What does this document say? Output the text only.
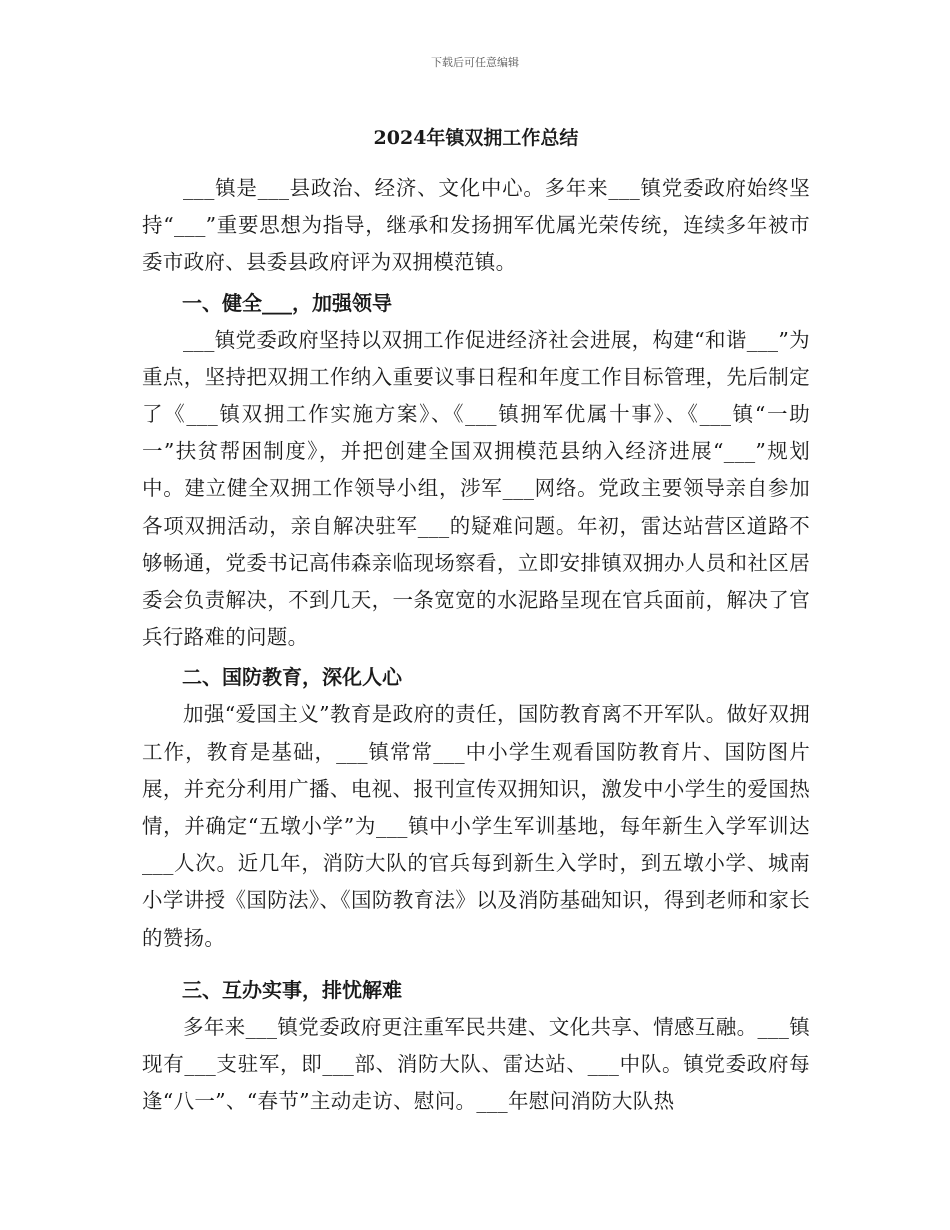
下载后可任意编辑
2024年镇双拥工作总结

___镇是___县政治、经济、文化中心。多年来___镇党委政府始终坚持“___”重要思想为指导，继承和发扬拥军优属光荣传统，连续多年被市委市政府、县委县政府评为双拥模范镇。

一、健全___，加强领导

___镇党委政府坚持以双拥工作促进经济社会进展，构建“和谐___”为重点，坚持把双拥工作纳入重要议事日程和年度工作目标管理，先后制定了《___镇双拥工作实施方案》、《___镇拥军优属十事》、《___镇“一助一”扶贫帮困制度》，并把创建全国双拥模范县纳入经济进展“___”规划中。建立健全双拥工作领导小组，涉军___网络。党政主要领导亲自参加各项双拥活动，亲自解决驻军___的疑难问题。年初，雷达站营区道路不够畅通，党委书记高伟森亲临现场察看，立即安排镇双拥办人员和社区居委会负责解决，不到几天，一条宽宽的水泥路呈现在官兵面前，解决了官兵行路难的问题。

二、国防教育，深化人心

加强“爱国主义”教育是政府的责任，国防教育离不开军队。做好双拥工作，教育是基础，___镇常常___中小学生观看国防教育片、国防图片展，并充分利用广播、电视、报刊宣传双拥知识，激发中小学生的爱国热情，并确定“五墩小学”为___镇中小学生军训基地，每年新生入学军训达___人次。近几年，消防大队的官兵每到新生入学时，到五墩小学、城南小学讲授《国防法》、《国防教育法》以及消防基础知识，得到老师和家长的赞扬。

三、互办实事，排忧解难

多年来___镇党委政府更注重军民共建、文化共享、情感互融。___镇现有___支驻军，即___部、消防大队、雷达站、___中队。镇党委政府每逢“八一”、“春节”主动走访、慰问。___年慰问消防大队热
